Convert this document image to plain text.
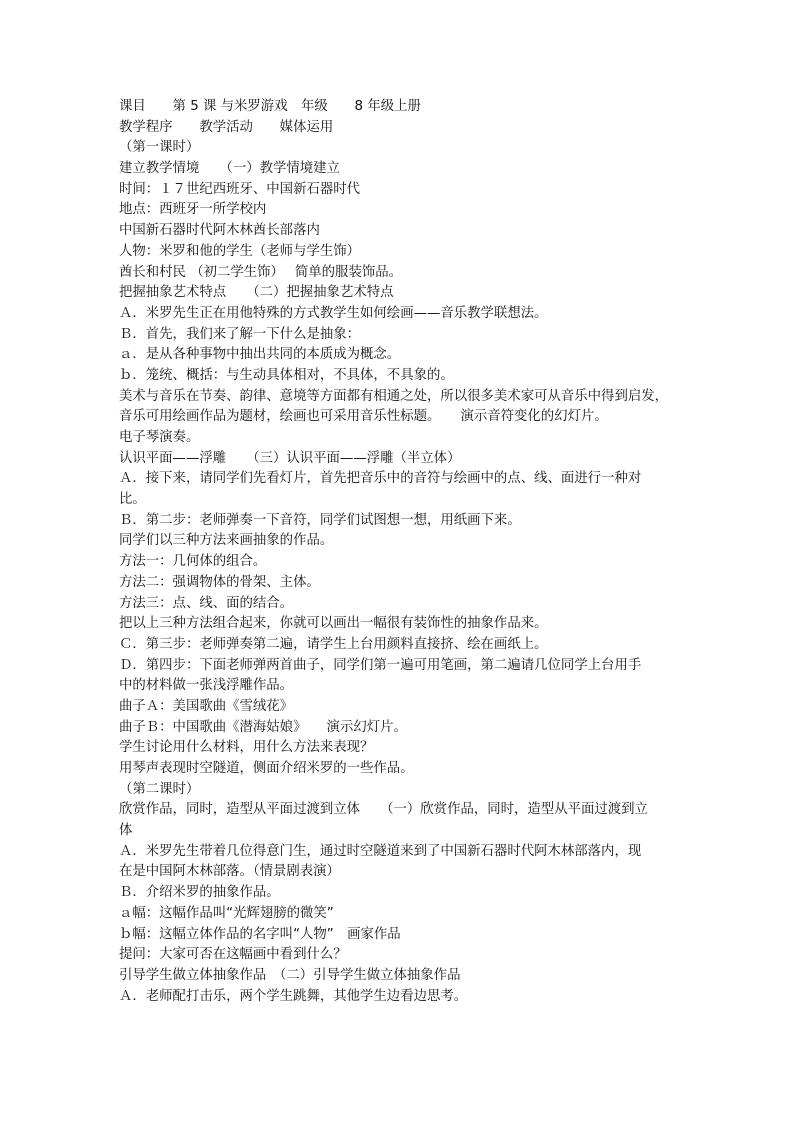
课目　　第 5 课 与米罗游戏　年级　　8 年级上册
教学程序　　教学活动　　媒体运用
（第一课时）
建立教学情境　　（一）教学情境建立
时间：１７世纪西班牙、中国新石器时代
地点：西班牙一所学校内
中国新石器时代阿木林酋长部落内
人物：米罗和他的学生（老师与学生饰）
酋长和村民 （初二学生饰）　 简单的服装饰品。
把握抽象艺术特点　　（二）把握抽象艺术特点
Ａ．米罗先生正在用他特殊的方式教学生如何绘画——音乐教学联想法。
Ｂ．首先，我们来了解一下什么是抽象：
ａ．是从各种事物中抽出共同的本质成为概念。
ｂ．笼统、概括：与生动具体相对，不具体，不具象的。
美术与音乐在节奏、韵律、意境等方面都有相通之处，所以很多美术家可从音乐中得到启发，
音乐可用绘画作品为题材，绘画也可采用音乐性标题。　　演示音符变化的幻灯片。
电子琴演奏。
认识平面——浮雕　　（三）认识平面——浮雕（半立体）
Ａ．接下来，请同学们先看灯片，首先把音乐中的音符与绘画中的点、线、面进行一种对
比。
Ｂ．第二步：老师弹奏一下音符，同学们试图想一想，用纸画下来。
同学们以三种方法来画抽象的作品。
方法一：几何体的组合。
方法二：强调物体的骨架、主体。
方法三：点、线、面的结合。
把以上三种方法组合起来，你就可以画出一幅很有装饰性的抽象作品来。
Ｃ．第三步：老师弹奏第二遍，请学生上台用颜料直接挤、绘在画纸上。
Ｄ．第四步：下面老师弹两首曲子，同学们第一遍可用笔画，第二遍请几位同学上台用手
中的材料做一张浅浮雕作品。
曲子Ａ：美国歌曲《雪绒花》
曲子Ｂ：中国歌曲《潜海姑娘》　　演示幻灯片。
学生讨论用什么材料，用什么方法来表现？
用琴声表现时空隧道，侧面介绍米罗的一些作品。
（第二课时）
欣赏作品，同时，造型从平面过渡到立体　　（一）欣赏作品，同时，造型从平面过渡到立
体
Ａ．米罗先生带着几位得意门生，通过时空隧道来到了中国新石器时代阿木林部落内，现
在是中国阿木林部落。（情景剧表演）
Ｂ．介绍米罗的抽象作品。
ａ幅：这幅作品叫“光辉翅膀的微笑”
ｂ幅：这幅立体作品的名字叫“人物”　画家作品
提问：大家可否在这幅画中看到什么？
引导学生做立体抽象作品　（二）引导学生做立体抽象作品
Ａ．老师配打击乐，两个学生跳舞，其他学生边看边思考。
